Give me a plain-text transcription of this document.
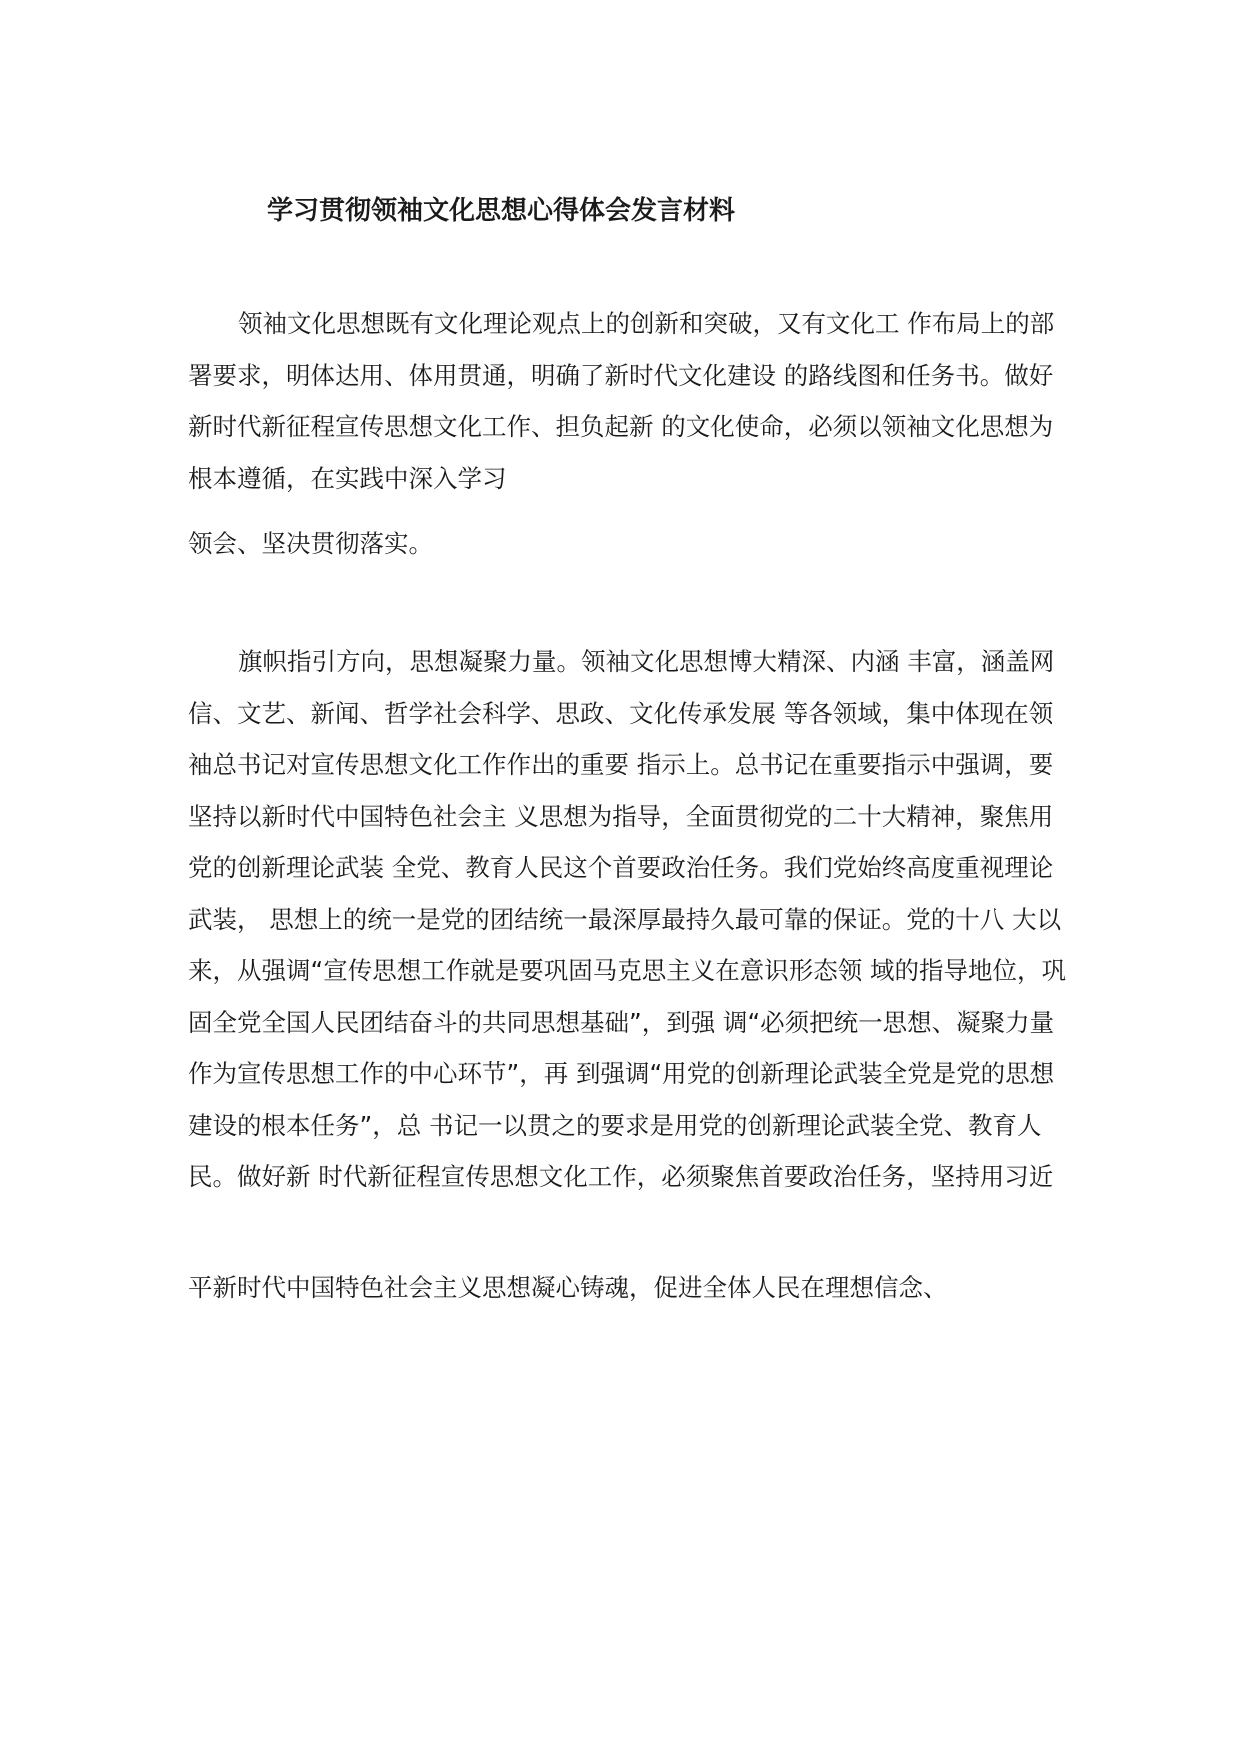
学习贯彻领袖文化思想心得体会发言材料
领袖文化思想既有文化理论观点上的创新和突破，又有文化工 作布局上的部署要求，明体达用、体用贯通，明确了新时代文化建设 的路线图和任务书。做好新时代新征程宣传思想文化工作、担负起新 的文化使命，必须以领袖文化思想为根本遵循，在实践中深入学习
领会、坚决贯彻落实。
旗帜指引方向，思想凝聚力量。领袖文化思想博大精深、内涵 丰富，涵盖网信、文艺、新闻、哲学社会科学、思政、文化传承发展 等各领域，集中体现在领袖总书记对宣传思想文化工作作出的重要 指示上。总书记在重要指示中强调，要坚持以新时代中国特色社会主 义思想为指导，全面贯彻党的二十大精神，聚焦用党的创新理论武装 全党、教育人民这个首要政治任务。我们党始终高度重视理论武装， 思想上的统一是党的团结统一最深厚最持久最可靠的保证。党的十八 大以来，从强调“宣传思想工作就是要巩固马克思主义在意识形态领 域的指导地位，巩固全党全国人民团结奋斗的共同思想基础”，到强 调“必须把统一思想、凝聚力量作为宣传思想工作的中心环节”，再 到强调“用党的创新理论武装全党是党的思想建设的根本任务”，总 书记一以贯之的要求是用党的创新理论武装全党、教育人民。做好新 时代新征程宣传思想文化工作，必须聚焦首要政治任务，坚持用习近
平新时代中国特色社会主义思想凝心铸魂，促进全体人民在理想信念、
